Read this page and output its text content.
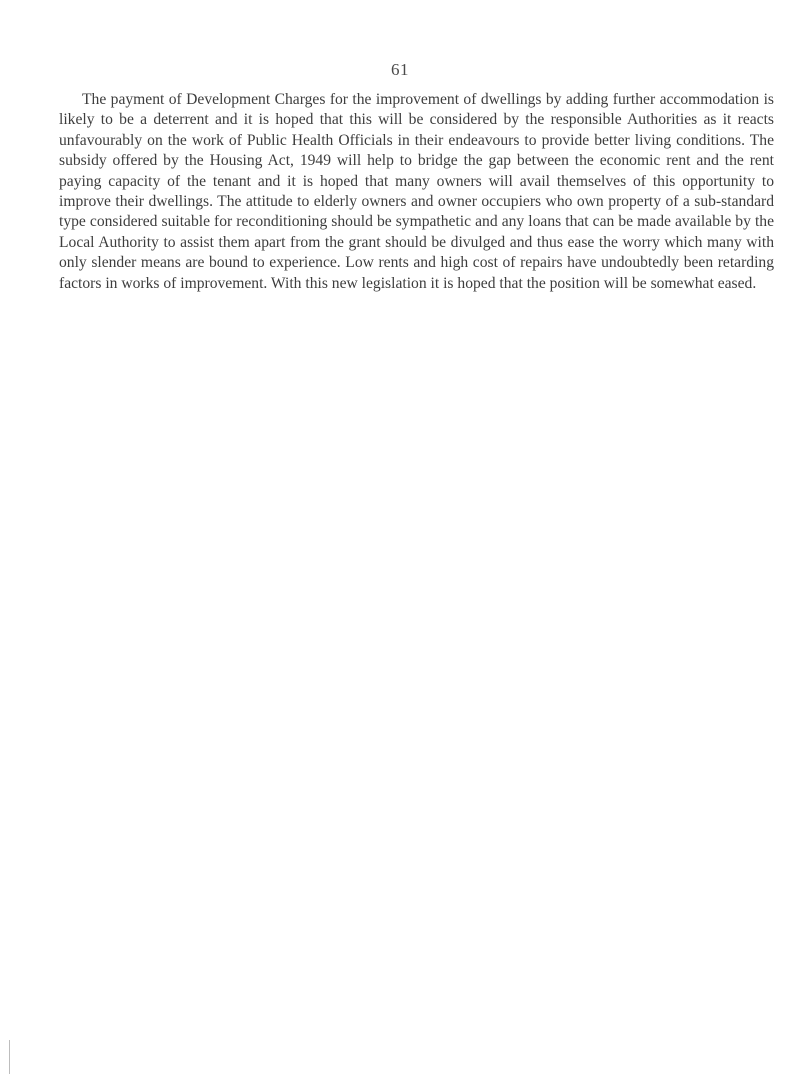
61

The payment of Development Charges for the improvement of dwellings by adding further accommodation is likely to be a deterrent and it is hoped that this will be considered by the responsible Authorities as it reacts unfavourably on the work of Public Health Officials in their endeavours to provide better living conditions. The subsidy offered by the Housing Act, 1949 will help to bridge the gap between the economic rent and the rent paying capacity of the tenant and it is hoped that many owners will avail themselves of this opportunity to improve their dwellings. The attitude to elderly owners and owner occupiers who own property of a sub-standard type considered suitable for reconditioning should be sympathetic and any loans that can be made available by the Local Authority to assist them apart from the grant should be divulged and thus ease the worry which many with only slender means are bound to experience. Low rents and high cost of repairs have undoubtedly been retarding factors in works of improvement. With this new legislation it is hoped that the position will be somewhat eased.
